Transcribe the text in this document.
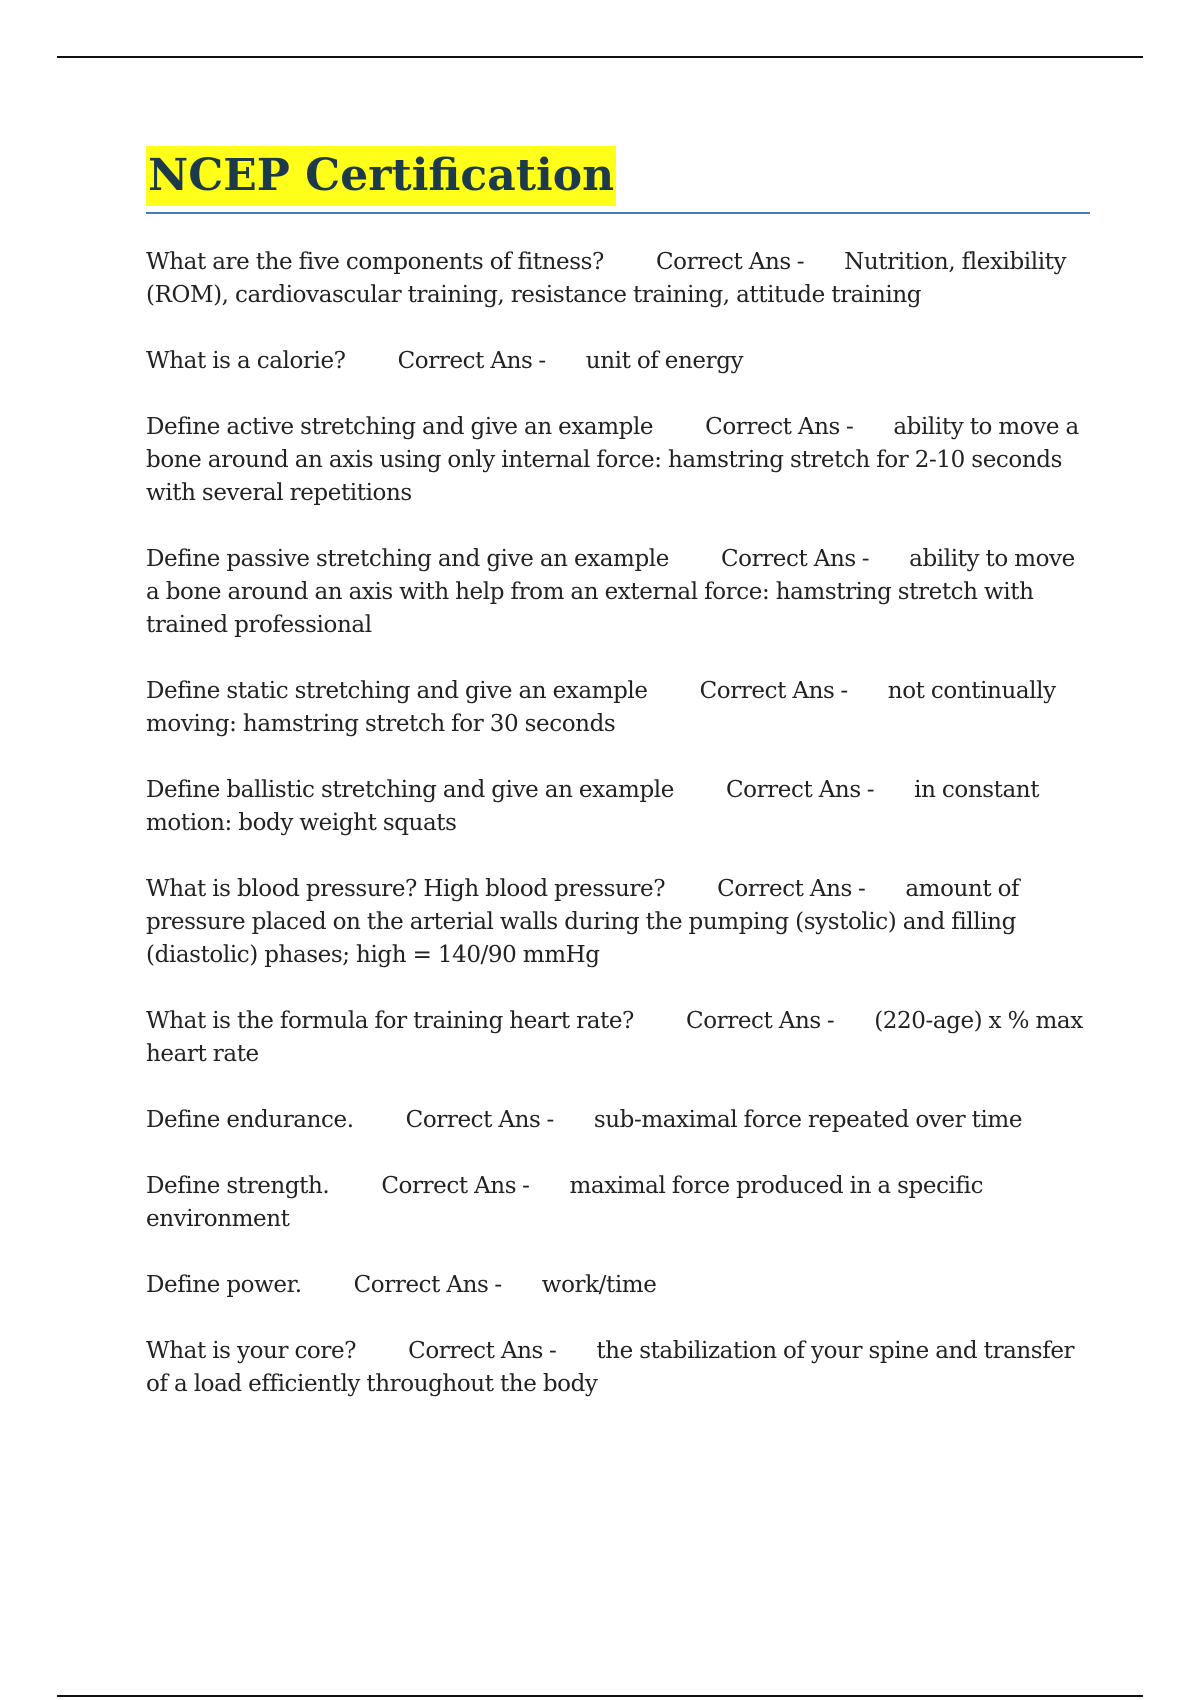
NCEP Certification

What are the five components of fitness? Correct Ans - Nutrition, flexibility (ROM), cardiovascular training, resistance training, attitude training

What is a calorie? Correct Ans - unit of energy

Define active stretching and give an example Correct Ans - ability to move a bone around an axis using only internal force: hamstring stretch for 2-10 seconds with several repetitions

Define passive stretching and give an example Correct Ans - ability to move a bone around an axis with help from an external force: hamstring stretch with trained professional

Define static stretching and give an example Correct Ans - not continually moving: hamstring stretch for 30 seconds

Define ballistic stretching and give an example Correct Ans - in constant motion: body weight squats

What is blood pressure? High blood pressure? Correct Ans - amount of pressure placed on the arterial walls during the pumping (systolic) and filling (diastolic) phases; high = 140/90 mmHg

What is the formula for training heart rate? Correct Ans - (220-age) x % max heart rate

Define endurance. Correct Ans - sub-maximal force repeated over time

Define strength. Correct Ans - maximal force produced in a specific environment

Define power. Correct Ans - work/time

What is your core? Correct Ans - the stabilization of your spine and transfer of a load efficiently throughout the body
